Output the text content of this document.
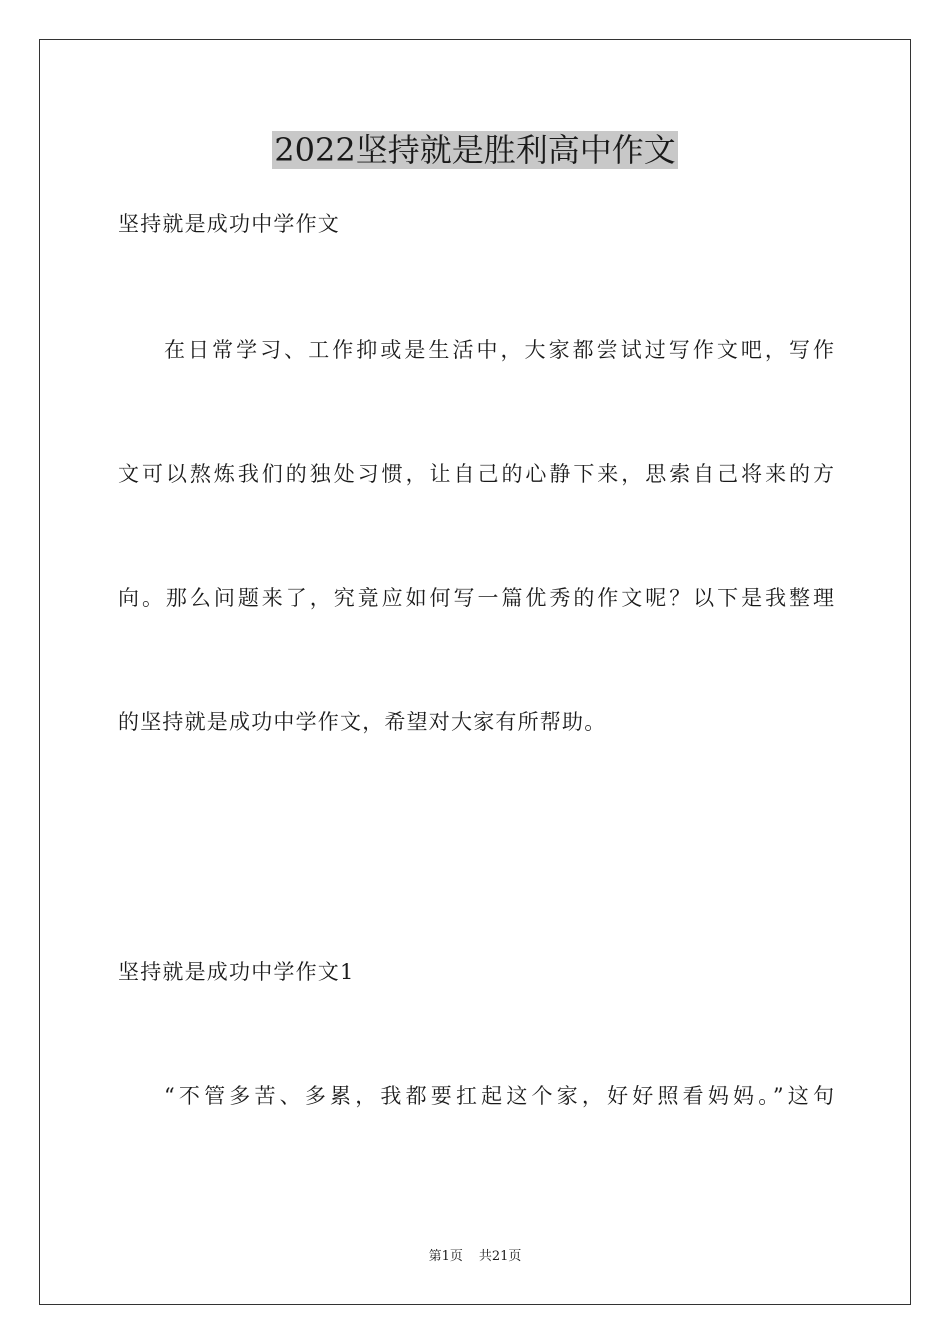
2022坚持就是胜利高中作文

坚持就是成功中学作文

在日常学习、工作抑或是生活中，大家都尝试过写作文吧，写作

文可以熬炼我们的独处习惯，让自己的心静下来，思索自己将来的方

向。那么问题来了，究竟应如何写一篇优秀的作文呢？以下是我整理

的坚持就是成功中学作文，希望对大家有所帮助。

坚持就是成功中学作文1

“不管多苦、多累，我都要扛起这个家，好好照看妈妈。”这句

第1页 共21页
